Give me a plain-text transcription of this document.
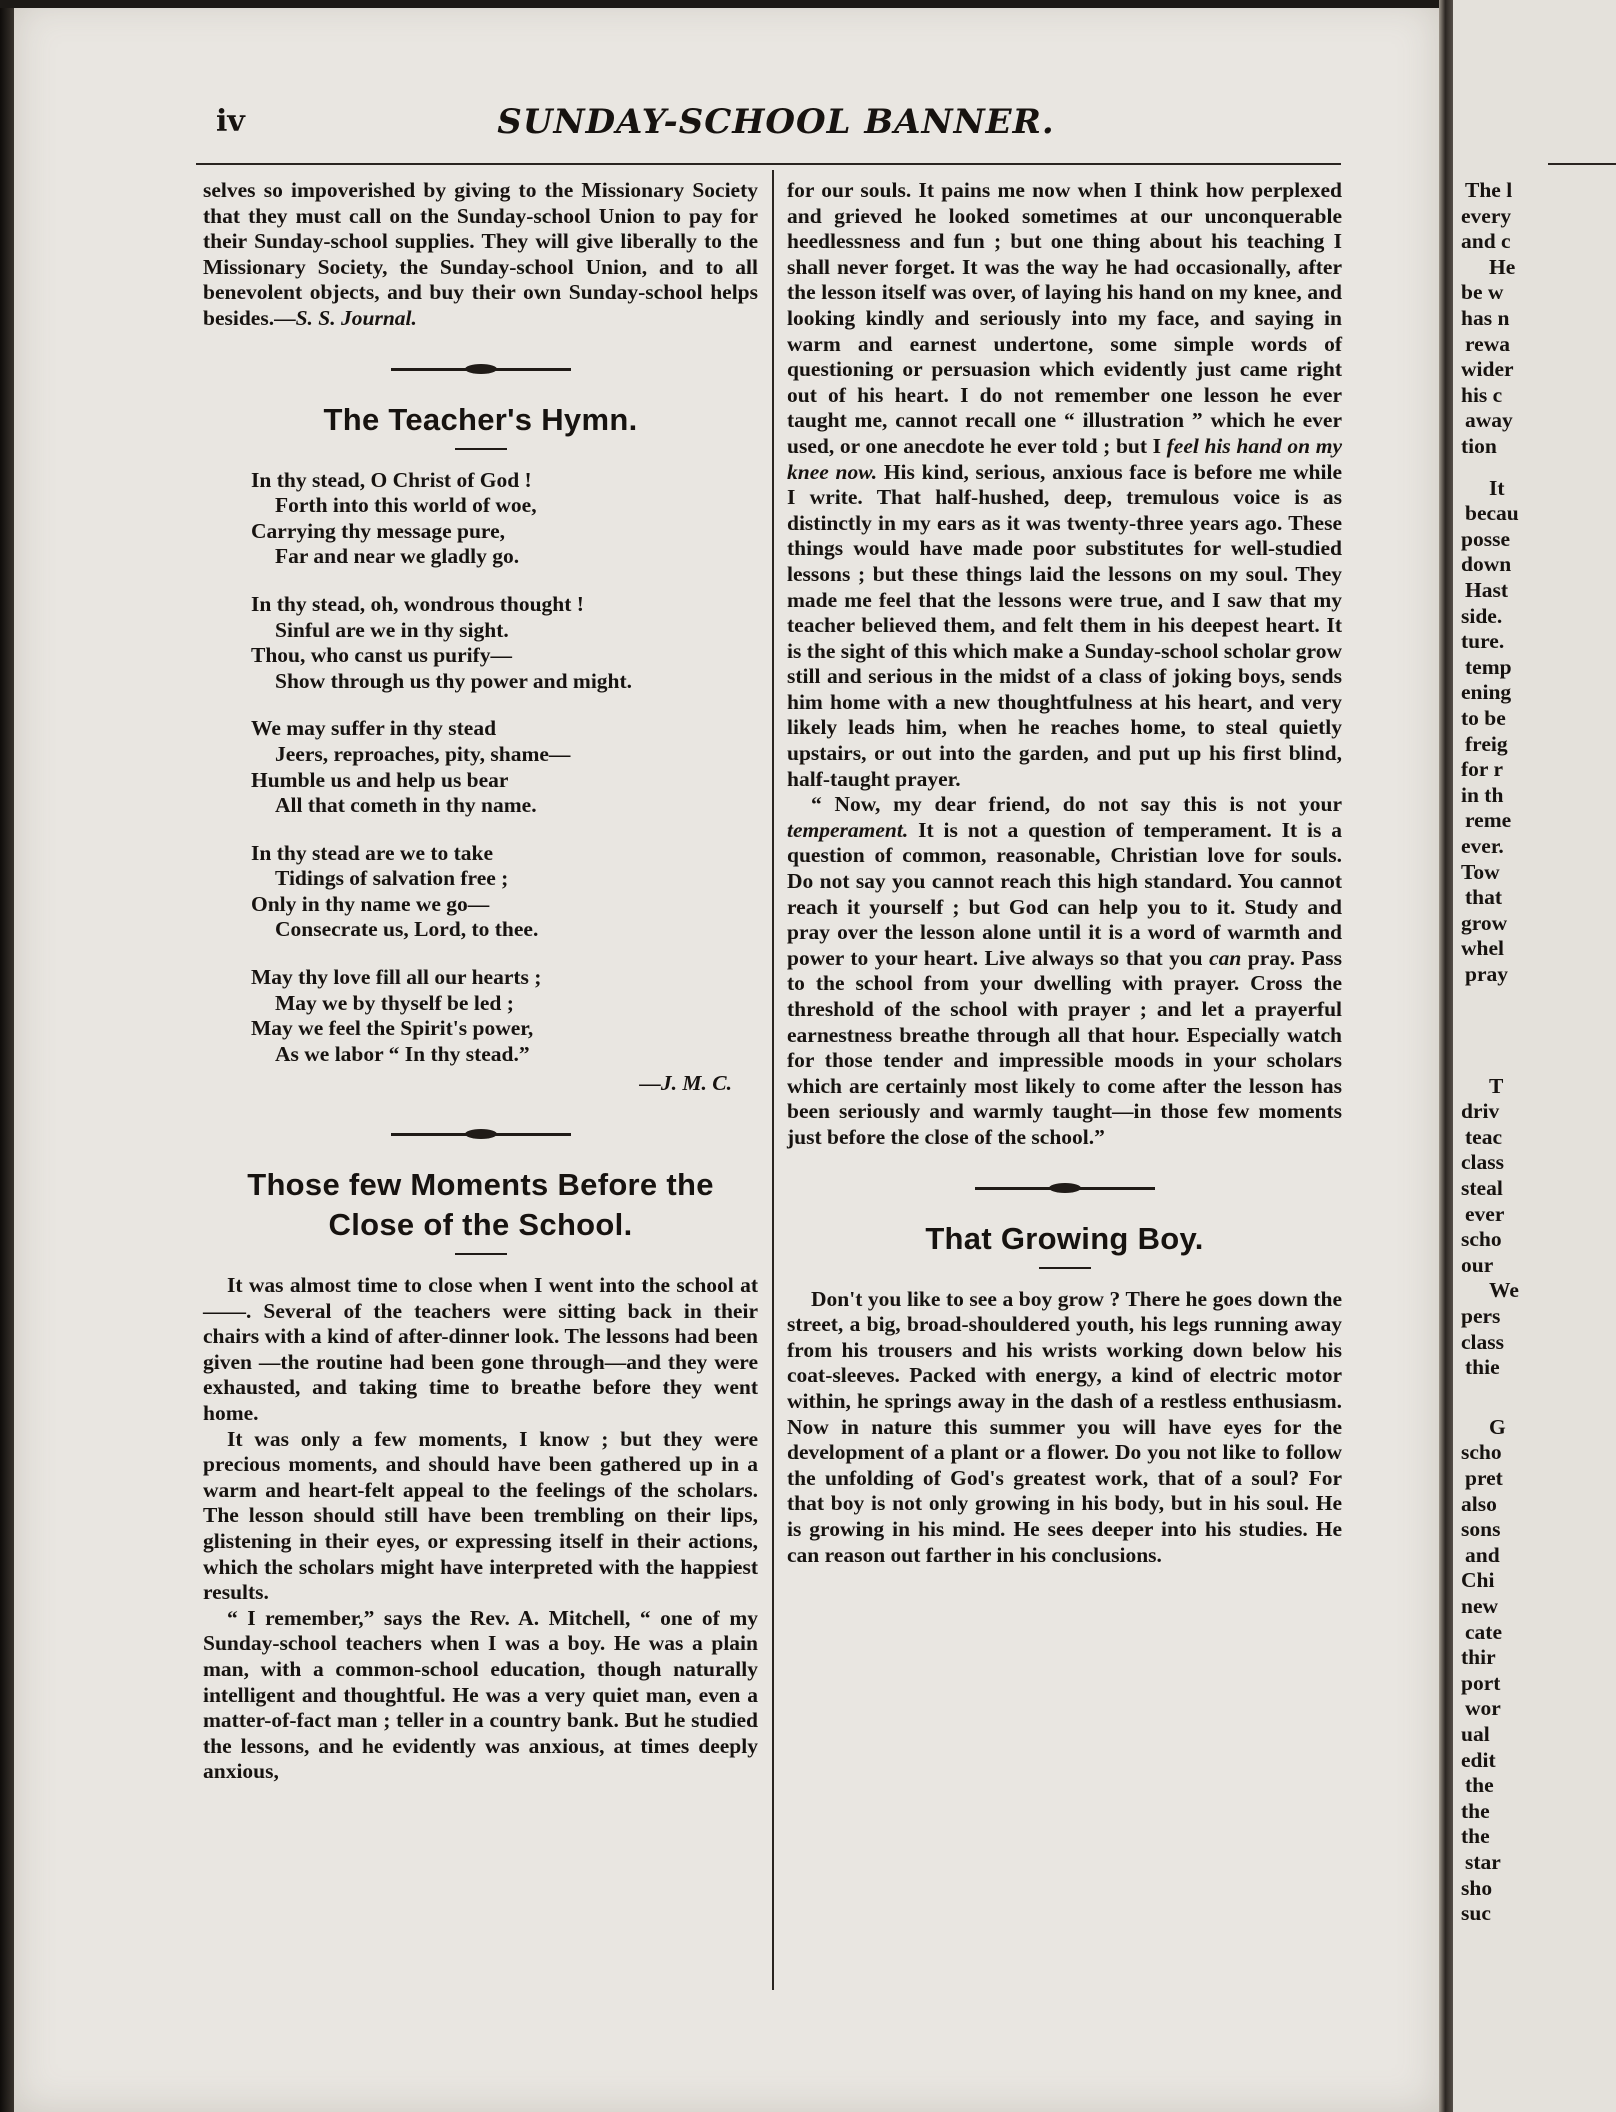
iv	SUNDAY-SCHOOL BANNER.

selves so impoverished by giving to the Missionary Society that they must call on the Sunday-school Union to pay for their Sunday-school supplies. They will give liberally to the Missionary Society, the Sunday-school Union, and to all benevolent objects, and buy their own Sunday-school helps besides.—S. S. Journal.

The Teacher's Hymn.
In thy stead, O Christ of God !
Forth into this world of woe,
Carrying thy message pure,
Far and near we gladly go.
In thy stead, oh, wondrous thought !
Sinful are we in thy sight.
Thou, who canst us purify—
Show through us thy power and might.
We may suffer in thy stead
Jeers, reproaches, pity, shame—
Humble us and help us bear
All that cometh in thy name.
In thy stead are we to take
Tidings of salvation free ;
Only in thy name we go—
Consecrate us, Lord, to thee.
May thy love fill all our hearts ;
May we by thyself be led ;
May we feel the Spirit's power,
As we labor “ In thy stead.”
—J. M. C.
Those few Moments Before the
Close of the School.

It was almost time to close when I went into the school at ——. Several of the teachers were sitting back in their chairs with a kind of after-dinner look. The lessons had been given —the routine had been gone through—and they were exhausted, and taking time to breathe before they went home.

It was only a few moments, I know ; but they were precious moments, and should have been gathered up in a warm and heart-felt appeal to the feelings of the scholars. The lesson should still have been trembling on their lips, glistening in their eyes, or expressing itself in their actions, which the scholars might have interpreted with the happiest results.

“ I remember,” says the Rev. A. Mitchell, “ one of my Sunday-school teachers when I was a boy. He was a plain man, with a common-school education, though naturally intelligent and thoughtful. He was a very quiet man, even a matter-of-fact man ; teller in a country bank. But he studied the lessons, and he evidently was anxious, at times deeply anxious,

for our souls. It pains me now when I think how perplexed and grieved he looked sometimes at our unconquerable heedlessness and fun ; but one thing about his teaching I shall never forget. It was the way he had occasionally, after the lesson itself was over, of laying his hand on my knee, and looking kindly and seriously into my face, and saying in warm and earnest undertone, some simple words of questioning or persuasion which evidently just came right out of his heart. I do not remember one lesson he ever taught me, cannot recall one “ illustration ” which he ever used, or one anecdote he ever told ; but I feel his hand on my knee now. His kind, serious, anxious face is before me while I write. That half-hushed, deep, tremulous voice is as distinctly in my ears as it was twenty-three years ago. These things would have made poor substitutes for well-studied lessons ; but these things laid the lessons on my soul. They made me feel that the lessons were true, and I saw that my teacher believed them, and felt them in his deepest heart. It is the sight of this which make a Sunday-school scholar grow still and serious in the midst of a class of joking boys, sends him home with a new thoughtfulness at his heart, and very likely leads him, when he reaches home, to steal quietly upstairs, or out into the garden, and put up his first blind, half-taught prayer.

“ Now, my dear friend, do not say this is not your temperament. It is not a question of temperament. It is a question of common, reasonable, Christian love for souls. Do not say you cannot reach this high standard. You cannot reach it yourself ; but God can help you to it. Study and pray over the lesson alone until it is a word of warmth and power to your heart. Live always so that you can pray. Pass to the school from your dwelling with prayer. Cross the threshold of the school with prayer ; and let a prayerful earnestness breathe through all that hour. Especially watch for those tender and impressible moods in your scholars which are certainly most likely to come after the lesson has been seriously and warmly taught—in those few moments just before the close of the school.”

That Growing Boy.

Don't you like to see a boy grow ? There he goes down the street, a big, broad-shouldered youth, his legs running away from his trousers and his wrists working down below his coat-sleeves. Packed with energy, a kind of electric motor within, he springs away in the dash of a restless enthusiasm. Now in nature this summer you will have eyes for the development of a plant or a flower. Do you not like to follow the unfolding of God's greatest work, that of a soul? For that boy is not only growing in his body, but in his soul. He is growing in his mind. He sees deeper into his studies. He can reason out farther in his conclusions.

The l
every
and c
He
be w
has n
rewa
wider
his c
away
tion
It
becau
posse
down
Hast
side.
ture.
temp
ening
to be
freig
for r
in th
reme
ever.
Tow
that
grow
whel
pray
T
driv
teac
class
steal
ever
scho
our
We
pers
class
thie
G
scho
pret
also
sons
and
Chi
new
cate
thir
port
wor
ual
edit
the
the
the
star
sho
suc
